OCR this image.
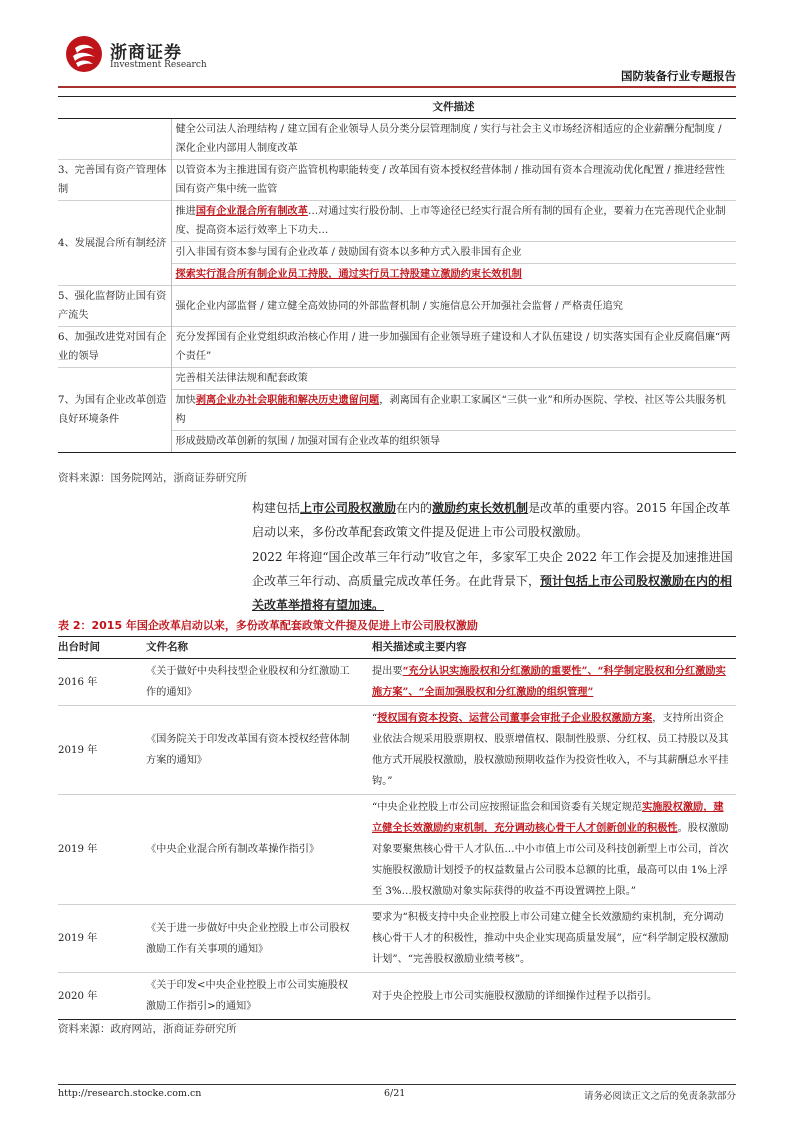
浙商证券
Investment Research
国防装备行业专题报告
	文件描述
	健全公司法人治理结构 / 建立国有企业领导人员分类分层管理制度 / 实行与社会主义市场经济相适应的企业薪酬分配制度 / 深化企业内部用人制度改革
3、完善国有资产管理体制	以管资本为主推进国有资产监管机构职能转变 / 改革国有资本授权经营体制 / 推动国有资本合理流动优化配置 / 推进经营性国有资产集中统一监管
4、发展混合所有制经济	推进国有企业混合所有制改革…对通过实行股份制、上市等途径已经实行混合所有制的国有企业，要着力在完善现代企业制度、提高资本运行效率上下功夫…
	引入非国有资本参与国有企业改革 / 鼓励国有资本以多种方式入股非国有企业
	探索实行混合所有制企业员工持股，通过实行员工持股建立激励约束长效机制
5、强化监督防止国有资产流失	强化企业内部监督 / 建立健全高效协同的外部监督机制 / 实施信息公开加强社会监督 / 严格责任追究
6、加强改进党对国有企业的领导	充分发挥国有企业党组织政治核心作用 / 进一步加强国有企业领导班子建设和人才队伍建设 / 切实落实国有企业反腐倡廉“两个责任”
7、为国有企业改革创造良好环境条件	完善相关法律法规和配套政策
	加快剥离企业办社会职能和解决历史遗留问题，剥离国有企业职工家属区“三供一业”和所办医院、学校、社区等公共服务机构
	形成鼓励改革创新的氛围 / 加强对国有企业改革的组织领导
资料来源：国务院网站，浙商证券研究所
构建包括上市公司股权激励在内的激励约束长效机制是改革的重要内容。2015 年国企改革启动以来，多份改革配套政策文件提及促进上市公司股权激励。
2022 年将迎“国企改革三年行动”收官之年，多家军工央企 2022 年工作会提及加速推进国企改革三年行动、高质量完成改革任务。在此背景下，预计包括上市公司股权激励在内的相关改革举措将有望加速。
表 2：2015 年国企改革启动以来，多份改革配套政策文件提及促进上市公司股权激励
出台时间	文件名称	相关描述或主要内容
2016 年	《关于做好中央科技型企业股权和分红激励工作的通知》	提出要“充分认识实施股权和分红激励的重要性”、“科学制定股权和分红激励实施方案”、“全面加强股权和分红激励的组织管理”
2019 年	《国务院关于印发改革国有资本授权经营体制方案的通知》	“授权国有资本投资、运营公司董事会审批子企业股权激励方案，支持所出资企业依法合规采用股票期权、股票增值权、限制性股票、分红权、员工持股以及其他方式开展股权激励，股权激励预期收益作为投资性收入，不与其薪酬总水平挂钩。”
2019 年	《中央企业混合所有制改革操作指引》	“中央企业控股上市公司应按照证监会和国资委有关规定规范实施股权激励，建立健全长效激励约束机制，充分调动核心骨干人才创新创业的积极性。股权激励对象要聚焦核心骨干人才队伍…中小市值上市公司及科技创新型上市公司，首次实施股权激励计划授予的权益数量占公司股本总额的比重，最高可以由 1%上浮至 3%…股权激励对象实际获得的收益不再设置调控上限。”
2019 年	《关于进一步做好中央企业控股上市公司股权激励工作有关事项的通知》	要求为“积极支持中央企业控股上市公司建立健全长效激励约束机制，充分调动核心骨干人才的积极性，推动中央企业实现高质量发展”，应“科学制定股权激励计划”、“完善股权激励业绩考核”。
2020 年	《关于印发<中央企业控股上市公司实施股权激励工作指引>的通知》	对于央企控股上市公司实施股权激励的详细操作过程予以指引。
资料来源：政府网站，浙商证券研究所
http://research.stocke.com.cn	6/21	请务必阅读正文之后的免责条款部分
